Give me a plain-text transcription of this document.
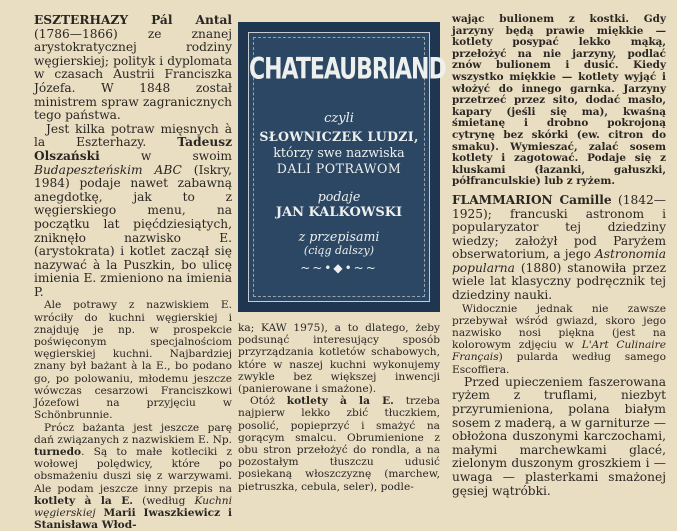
ESZTERHAZY Pál Antal (1786—1866) ze znanej arystokratycznej rodziny węgierskiej; polityk i dyplomata w czasach Austrii Franciszka Józefa. W 1848 został ministrem spraw zagranicznych tego państwa.

Jest kilka potraw mięsnych à la Eszterhazy. Tadeusz Olszański w swoim Budapeszteńskim ABC (Iskry, 1984) podaje nawet zabawną anegdotkę, jak to z węgierskiego menu, na początku lat pięćdziesiątych, zniknęło nazwisko E. (arystokrata) i kotlet zaczął się nazywać à la Puszkin, bo ulicę imienia E. zmieniono na imienia P.

Ale potrawy z nazwiskiem E. wróciły do kuchni węgierskiej i znajduję je np. w prospekcie poświęconym specjalnościom węgierskiej kuchni. Najbardziej znany był bażant à la E., bo podano go, po polowaniu, młodemu jeszcze wówczas cesarzowi Franciszkowi Józefowi na przyjęciu w Schönbrunnie.

Prócz bażanta jest jeszcze parę dań związanych z nazwiskiem E. Np. turnedo. Są to małe kotleciki z wołowej polędwicy, które po obsmażeniu duszi się z warzywami. Ale podam jeszcze inny przepis na kotlety à la E. (według Kuchni węgierskiej Marii Iwaszkiewicz i Stanisława Włod-

CHATEAUBRIAND
czyli
SŁOWNICZEK LUDZI,
którzy swe nazwiska
DALI POTRAWOM
podaje
JAN KALKOWSKI
z przepisami
(ciąg dalszy)
~~•◆•~~

ka; KAW 1975), a to dlatego, żeby podsunąć interesujący sposób przyrządzania kotletów schabowych, które w naszej kuchni wykonujemy zwykle bez większej inwencji (panierowane i smażone).

Otóż kotlety à la E. trzeba najpierw lekko zbić tłuczkiem, posolić, popieprzyć i smażyć na gorącym smalcu. Obrumienione z obu stron przełożyć do rondla, a na pozostałym tłuszczu udusić posiekaną włoszczyznę (marchew, pietruszka, cebula, seler), podle-

wając bulionem z kostki. Gdy jarzyny będą prawie miękkie — kotlety posypać lekko mąką, przełożyć na nie jarzyny, podlać znów bulionem i dusić. Kiedy wszystko miękkie — kotlety wyjąć i włożyć do innego garnka. Jarzyny przetrzeć przez sito, dodać masło, kapary (jeśli się ma), kwaśną śmietanę i drobno pokrojoną cytrynę bez skórki (ew. citron do smaku). Wymieszać, zalać sosem kotlety i zagotować. Podaje się z kluskami (łazanki, gałuszki, półfranculskie) lub z ryżem.

FLAMMARION Camille (1842—1925); francuski astronom i popularyzator tej dziedziny wiedzy; założył pod Paryżem obserwatorium, a jego Astronomia popularna (1880) stanowiła przez wiele lat klasyczny podręcznik tej dziedziny nauki.

Widocznie jednak nie zawsze przebywał wśród gwiazd, skoro jego nazwisko nosi piękna (jest na kolorowym zdjęciu w L'Art Culinaire Français) pularda według samego Escoffiera.

Przed upieczeniem faszerowana ryżem z truflami, niezbyt przyrumieniona, polana białym sosem z maderą, a w garniturze — obłożona duszonymi karczochami, małymi marchewkami glacé, zielonym duszonym groszkiem i — uwaga — plasterkami smażonej gęsiej wątróbki.
